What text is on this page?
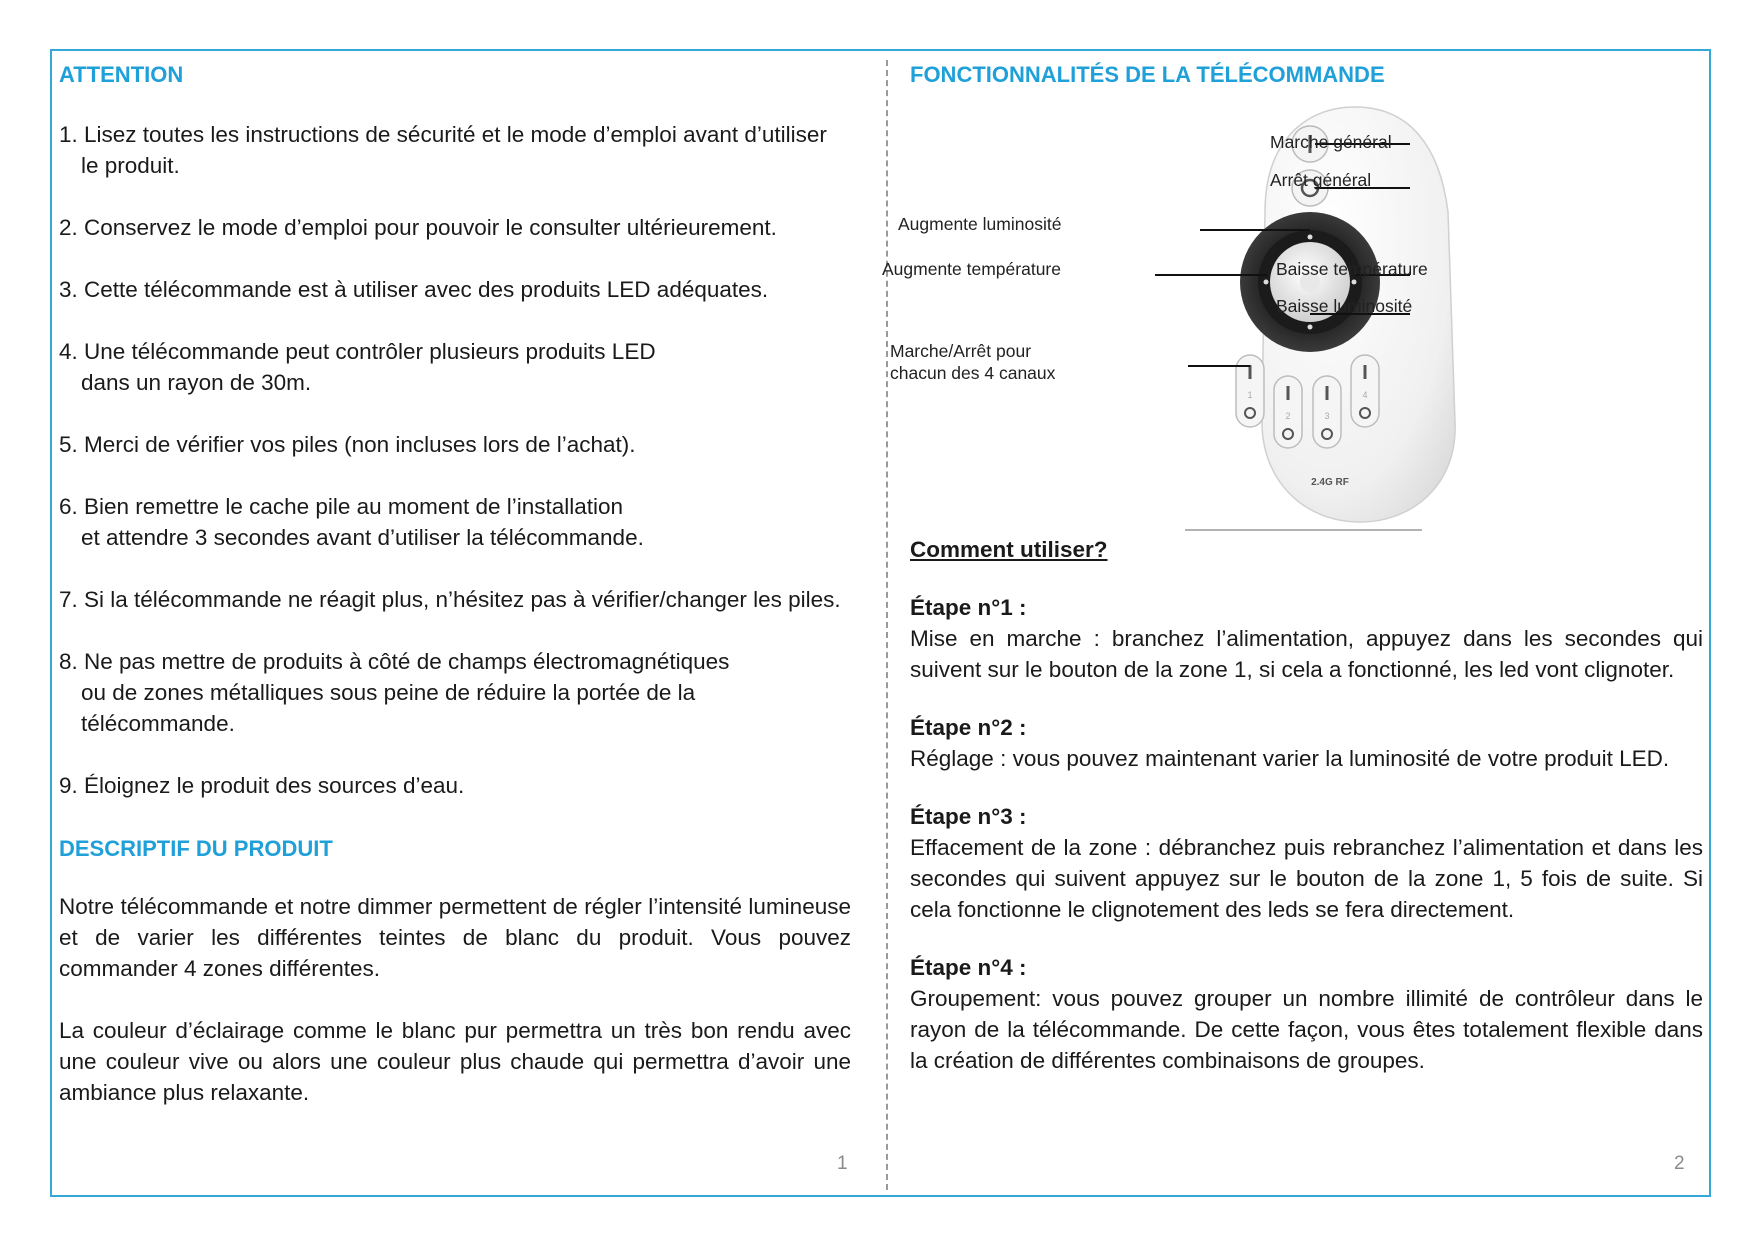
ATTENTION

1. Lisez toutes les instructions de sécurité et le mode d’emploi avant d’utiliser
le produit.

2. Conservez le mode d’emploi pour pouvoir le consulter ultérieurement.

3. Cette télécommande est à utiliser avec des produits LED adéquates.

4. Une télécommande peut contrôler plusieurs produits LED
dans un rayon de 30m.

5. Merci de vérifier vos piles (non incluses lors de l’achat).

6. Bien remettre le cache pile au moment de l’installation
et attendre 3 secondes avant d’utiliser la télécommande.

7. Si la télécommande ne réagit plus, n’hésitez pas à vérifier/changer les piles.

8. Ne pas mettre de produits à côté de champs électromagnétiques
ou de zones métalliques sous peine de réduire la portée de la
télécommande.

9. Éloignez le produit des sources d’eau.

DESCRIPTIF DU PRODUIT

Notre télécommande et notre dimmer permettent de régler l’intensité lumineuse et de varier les différentes teintes de blanc du produit. Vous pouvez commander 4 zones différentes.

La couleur d’éclairage comme le blanc pur permettra un très bon rendu avec une couleur vive ou alors une couleur plus chaude qui permettra d’avoir une ambiance plus relaxante.

1

FONCTIONNALITÉS DE LA TÉLÉCOMMANDE

1
2	3
4
2.4G RF
Marche général
Arrêt général
Augmente luminosité
Augmente température	Baisse température
Baisse luminosité
Marche/Arrêt pour
chacun des 4 canaux

Comment utiliser?

Étape n°1 :

Mise en marche : branchez l’alimentation, appuyez dans les secondes qui suivent sur le bouton de la zone 1, si cela a fonctionné, les led vont clignoter.

Étape n°2 :

Réglage : vous pouvez maintenant varier la luminosité de votre produit LED.

Étape n°3 :

Effacement de la zone : débranchez puis rebranchez l’alimentation et dans les secondes qui suivent appuyez sur le bouton de la zone 1, 5 fois de suite. Si cela fonctionne le clignotement des leds se fera directement.

Étape n°4 :

Groupement: vous pouvez grouper un nombre illimité de contrôleur dans le rayon de la télécommande. De cette façon, vous êtes totalement flexible dans la création de différentes combinaisons de groupes.

2
